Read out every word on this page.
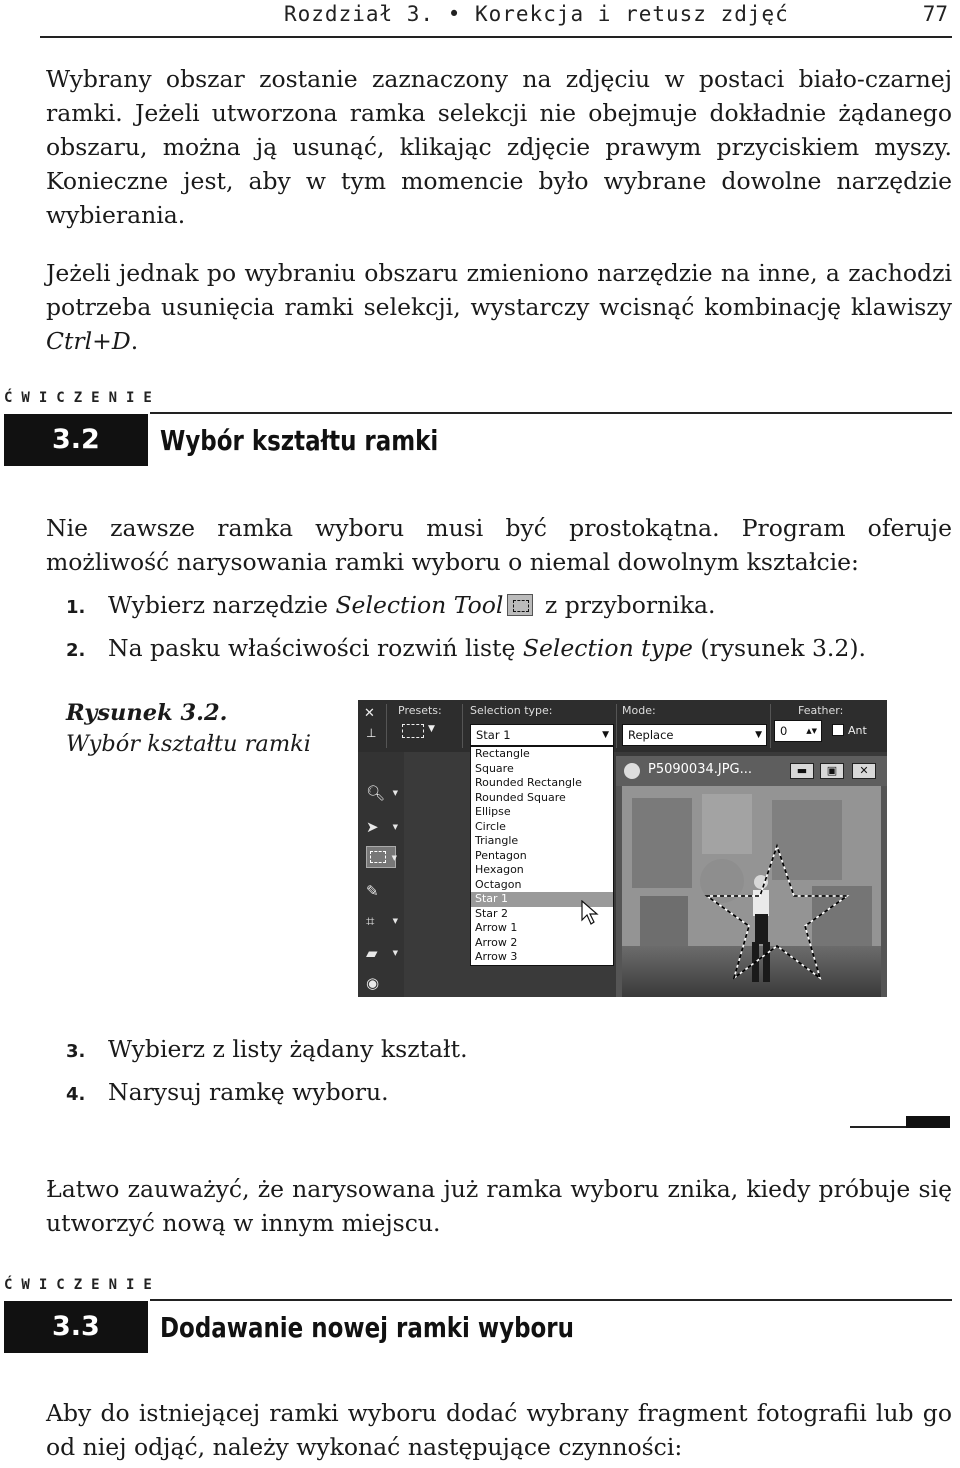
Rozdział 3. • Korekcja i retusz zdjęć	77

Wybrany obszar zostanie zaznaczony na zdjęciu w postaci biało-czarnej ramki. Jeżeli utworzona ramka selekcji nie obejmuje dokładnie żądanego obszaru, można ją usunąć, klikając zdjęcie prawym przyciskiem myszy. Konieczne jest, aby w tym momencie było wybrane dowolne narzędzie wybierania.

Jeżeli jednak po wybraniu obszaru zmieniono narzędzie na inne, a zachodzi potrzeba usunięcia ramki selekcji, wystarczy wcisnąć kombinację klawiszy Ctrl+D.

ĆWICZENIE
3.2	Wybór kształtu ramki

Nie zawsze ramka wyboru musi być prostokątna. Program oferuje możliwość narysowania ramki wyboru o niemal dowolnym kształcie:

1. Wybierz narzędzie Selection Tool z przybornika.
2. Na pasku właściwości rozwiń listę Selection type (rysunek 3.2).
Rysunek 3.2.
Wybór kształtu ramki
✕
⊥
Presets:
▼
Selection type:
Star 1	▼
Mode:
Replace	▼
Feather:
0	▲▼	Ant
🔍︎ ▼
➤ ▼
▼
✎
⌗	▼
▰ ▼
◉
Rectangle
Square
Rounded Rectangle
Rounded Square
Ellipse
Circle
Triangle
Pentagon
Hexagon
Octagon
Star 1
Star 2
Arrow 1
Arrow 2
Arrow 3
P5090034.JPG...	▬	▣	✕
3. Wybierz z listy żądany kształt.
4. Narysuj ramkę wyboru.

Łatwo zauważyć, że narysowana już ramka wyboru znika, kiedy próbuje się utworzyć nową w innym miejscu.

ĆWICZENIE
3.3	Dodawanie nowej ramki wyboru

Aby do istniejącej ramki wyboru dodać wybrany fragment fotografii lub go od niej odjąć, należy wykonać następujące czynności:
